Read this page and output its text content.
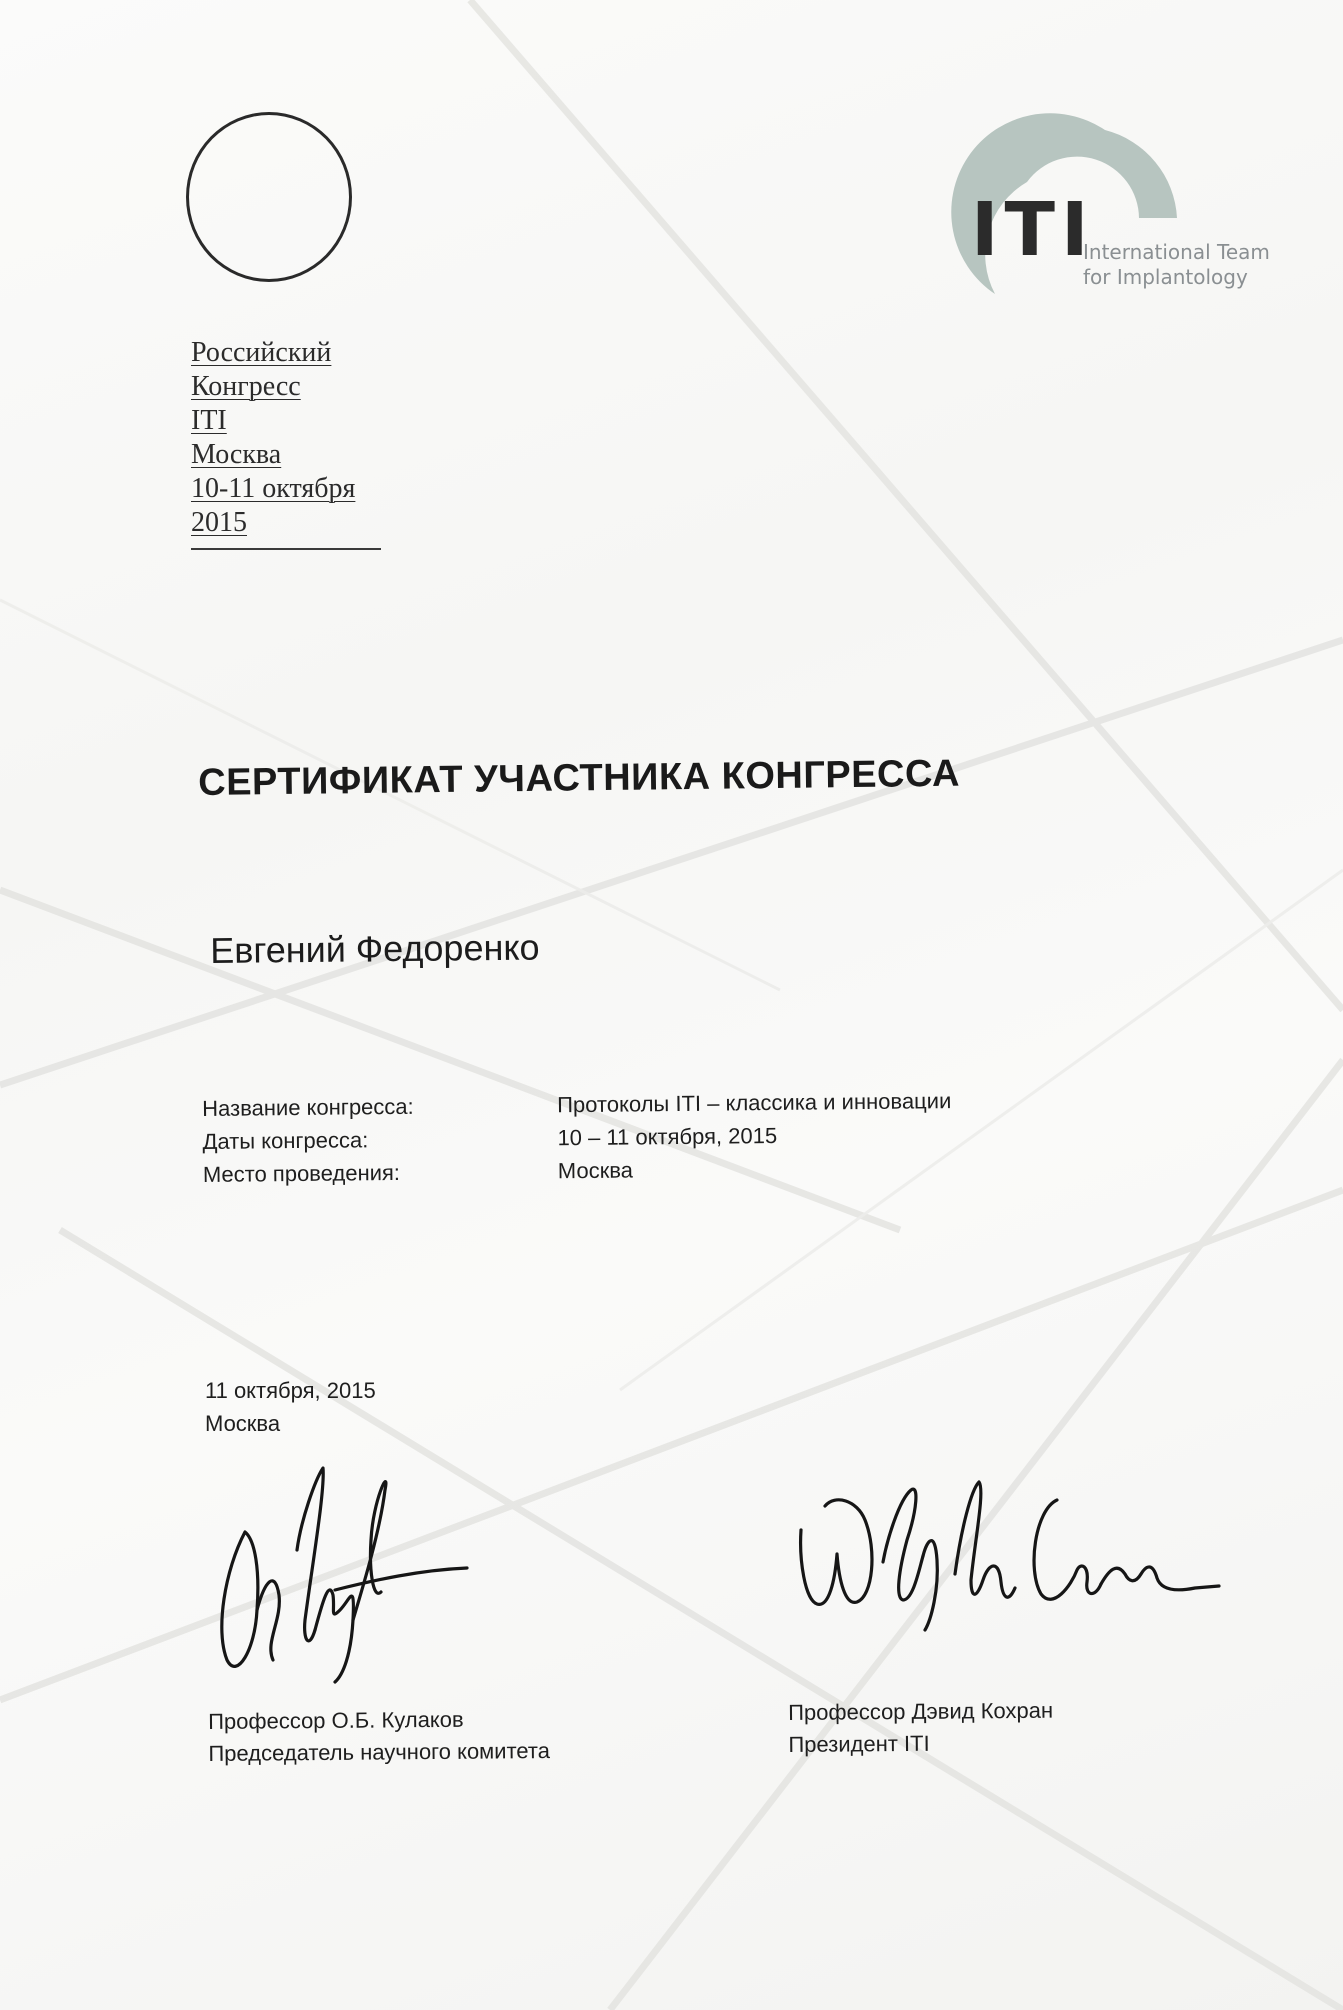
Российский
Конгресс
ITI
Москва
10-11 октября
2015
ITI
International Team
for Implantology
СЕРТИФИКАТ УЧАСТНИКА КОНГРЕССА
Евгений Федоренко
Название конгресса:	Протоколы ITI – классика и инновации
Даты конгресса:	10 – 11 октября, 2015
Место проведения:	Москва
11 октября, 2015
Москва
Профессор О.Б. Кулаков
Председатель научного комитета
Профессор Дэвид Кохран
Президент ITI
